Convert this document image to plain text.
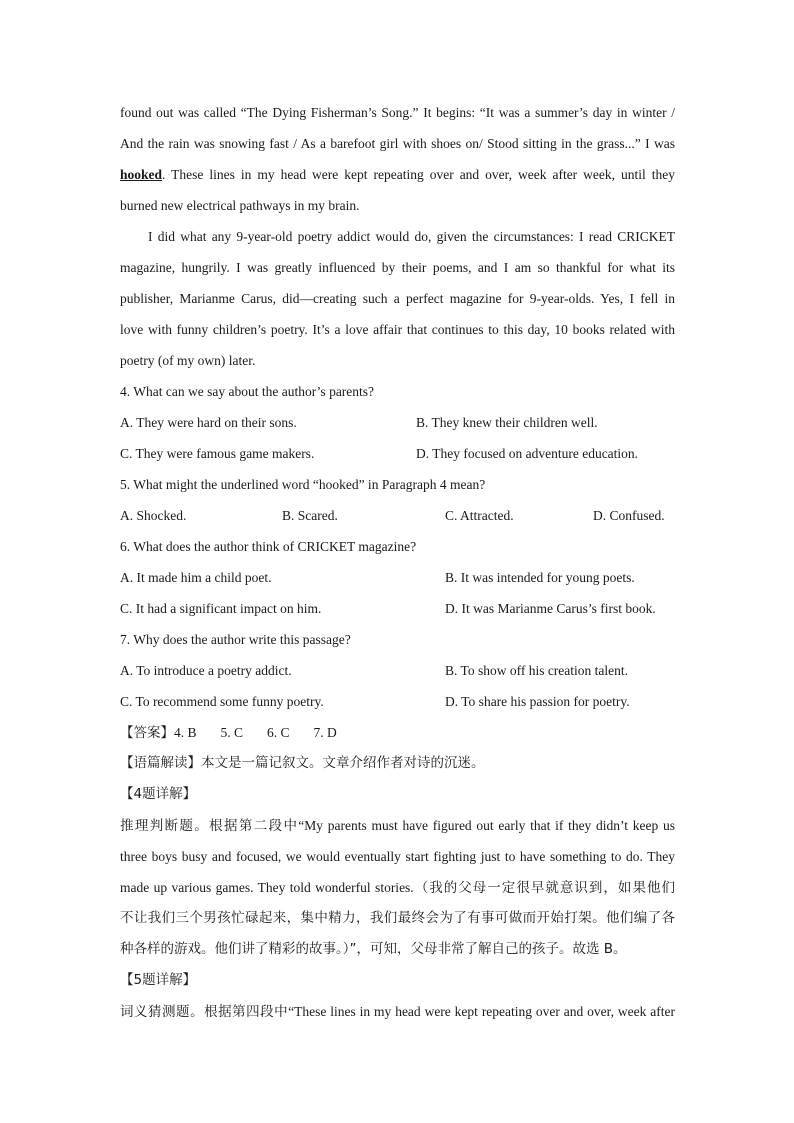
found out was called “The Dying Fisherman’s Song.” It begins: “It was a summer’s day in winter /
And the rain was snowing fast / As a barefoot girl with shoes on/ Stood sitting in the grass...” I was
hooked. These lines in my head were kept repeating over and over, week after week, until they
burned new electrical pathways in my brain.
I did what any 9-year-old poetry addict would do, given the circumstances: I read CRICKET
magazine, hungrily. I was greatly influenced by their poems, and I am so thankful for what its
publisher, Marianme Carus, did—creating such a perfect magazine for 9-year-olds. Yes, I fell in
love with funny children’s poetry. It’s a love affair that continues to this day, 10 books related with
poetry (of my own) later.
4. What can we say about the author’s parents?
A. They were hard on their sons.	B. They knew their children well.
C. They were famous game makers.	D. They focused on adventure education.
5. What might the underlined word “hooked” in Paragraph 4 mean?
A. Shocked.	B. Scared.	C. Attracted.	D. Confused.
6. What does the author think of CRICKET magazine?
A. It made him a child poet.	B. It was intended for young poets.
C. It had a significant impact on him.	D. It was Marianme Carus’s first book.
7. Why does the author write this passage?
A. To introduce a poetry addict.	B. To show off his creation talent.
C. To recommend some funny poetry.	D. To share his passion for poetry.
【答案】4. B 5. C 6. C 7. D
【语篇解读】本文是一篇记叙文。文章介绍作者对诗的沉迷。
【4题详解】
推理判断题。根据第二段中“My parents must have figured out early that if they didn’t keep us
three boys busy and focused, we would eventually start fighting just to have something to do. They
made up various games. They told wonderful stories.（我的父母一定很早就意识到，如果他们
不让我们三个男孩忙碌起来，集中精力，我们最终会为了有事可做而开始打架。他们编了各
种各样的游戏。他们讲了精彩的故事。）”，可知，父母非常了解自己的孩子。故选 B。
【5题详解】
词义猜测题。根据第四段中“These lines in my head were kept repeating over and over, week after
